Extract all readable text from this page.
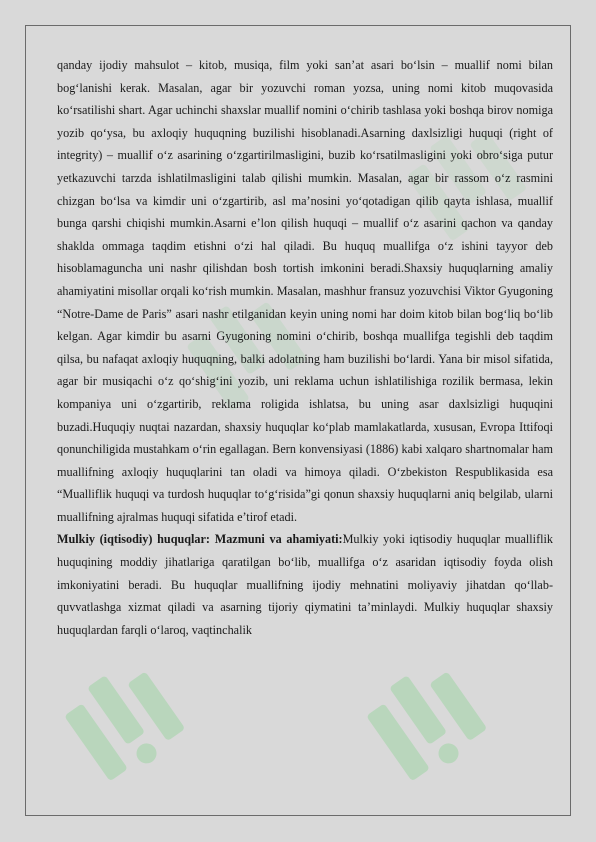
qanday ijodiy mahsulot – kitob, musiqa, film yoki san’at asari bo‘lsin – muallif nomi bilan bog‘lanishi kerak. Masalan, agar bir yozuvchi roman yozsa, uning nomi kitob muqovasida ko‘rsatilishi shart. Agar uchinchi shaxslar muallif nomini o‘chirib tashlasa yoki boshqa birov nomiga yozib qo‘ysa, bu axloqiy huquqning buzilishi hisoblanadi.Asarning daxlsizligi huquqi (right of integrity) – muallif o‘z asarining o‘zgartirilmasligini, buzib ko‘rsatilmasligini yoki obro‘siga putur yetkazuvchi tarzda ishlatilmasligini talab qilishi mumkin. Masalan, agar bir rassom o‘z rasmini chizgan bo‘lsa va kimdir uni o‘zgartirib, asl ma’nosini yo‘qotadigan qilib qayta ishlasa, muallif bunga qarshi chiqishi mumkin.Asarni e’lon qilish huquqi – muallif o‘z asarini qachon va qanday shaklda ommaga taqdim etishni o‘zi hal qiladi. Bu huquq muallifga o‘z ishini tayyor deb hisoblamaguncha uni nashr qilishdan bosh tortish imkonini beradi.Shaxsiy huquqlarning amaliy ahamiyatini misollar orqali ko‘rish mumkin. Masalan, mashhur fransuz yozuvchisi Viktor Gyugoning “Notre-Dame de Paris” asari nashr etilganidan keyin uning nomi har doim kitob bilan bog‘liq bo‘lib kelgan. Agar kimdir bu asarni Gyugoning nomini o‘chirib, boshqa muallifga tegishli deb taqdim qilsa, bu nafaqat axloqiy huquqning, balki adolatning ham buzilishi bo‘lardi. Yana bir misol sifatida, agar bir musiqachi o‘z qo‘shig‘ini yozib, uni reklama uchun ishlatilishiga rozilik bermasa, lekin kompaniya uni o‘zgartirib, reklama roligida ishlatsa, bu uning asar daxlsizligi huquqini buzadi.Huquqiy nuqtai nazardan, shaxsiy huquqlar ko‘plab mamlakatlarda, xususan, Evropa Ittifoqi qonunchiligida mustahkam o‘rin egallagan. Bern konvensiyasi (1886) kabi xalqaro shartnomalar ham muallifning axloqiy huquqlarini tan oladi va himoya qiladi. O‘zbekiston Respublikasida esa “Mualliflik huquqi va turdosh huquqlar to‘g‘risida”gi qonun shaxsiy huquqlarni aniq belgilab, ularni muallifning ajralmas huquqi sifatida e’tirof etadi.

Mulkiy (iqtisodiy) huquqlar: Mazmuni va ahamiyati:Mulkiy yoki iqtisodiy huquqlar mualliflik huquqining moddiy jihatlariga qaratilgan bo‘lib, muallifga o‘z asaridan iqtisodiy foyda olish imkoniyatini beradi. Bu huquqlar muallifning ijodiy mehnatini moliyaviy jihatdan qo‘llab-quvvatlashga xizmat qiladi va asarning tijoriy qiymatini ta’minlaydi. Mulkiy huquqlar shaxsiy huquqlardan farqli o‘laroq, vaqtinchalik
